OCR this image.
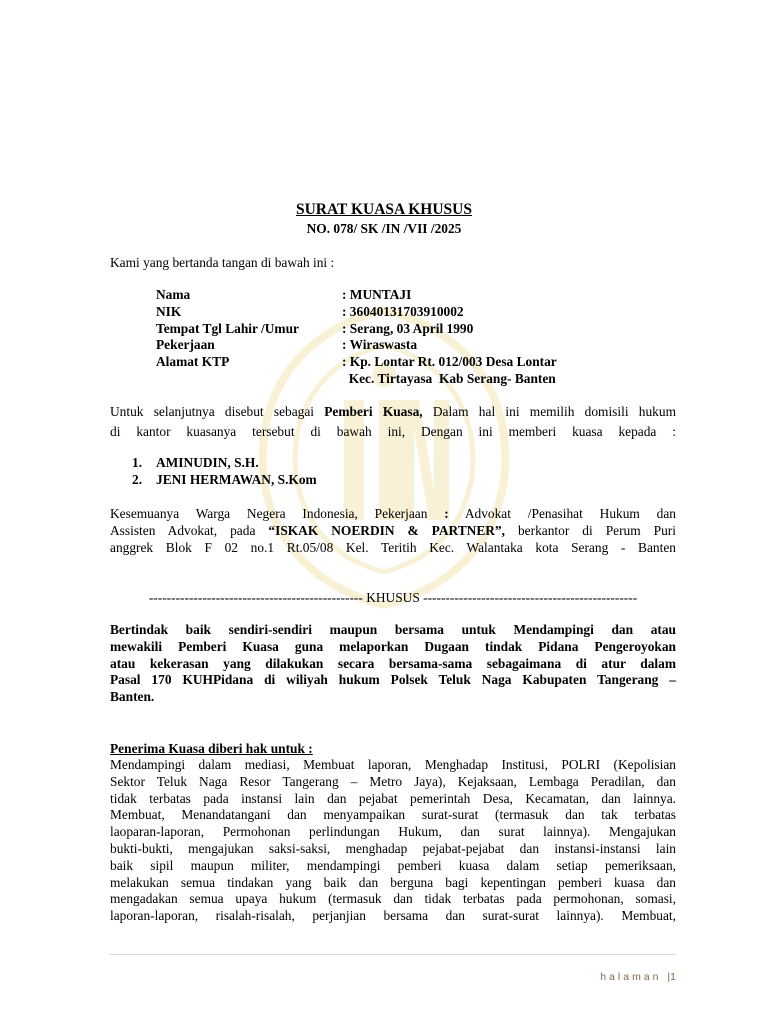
SURAT KUASA KHUSUS
NO. 078/ SK /IN /VII /2025
Kami yang bertanda tangan di bawah ini :
Nama	: MUNTAJI
NIK	: 36040131703910002
Tempat Tgl Lahir /Umur	: Serang, 03 April 1990
Pekerjaan	: Wiraswasta
Alamat KTP	: Kp. Lontar Rt. 012/003 Desa Lontar
Kec. Tirtayasa  Kab Serang- Banten
Untuk selanjutnya disebut sebagai Pemberi Kuasa, Dalam hal ini memilih domisili hukum
di kantor kuasanya tersebut di bawah ini, Dengan ini memberi kuasa kepada :
1. AMINUDIN, S.H.
2. JENI HERMAWAN, S.Kom
Kesemuanya Warga Negera Indonesia, Pekerjaan : Advokat /Penasihat Hukum dan
Assisten Advokat, pada “ISKAK NOERDIN & PARTNER”, berkantor di Perum Puri
anggrek Blok F 02 no.1 Rt.05/08 Kel. Teritih Kec. Walantaka kota Serang - Banten
------------------------------------------------ KHUSUS ------------------------------------------------
Bertindak baik sendiri-sendiri maupun bersama untuk Mendampingi dan atau
mewakili Pemberi Kuasa guna melaporkan Dugaan tindak Pidana Pengeroyokan
atau kekerasan yang dilakukan secara bersama-sama sebagaimana di atur dalam
Pasal 170 KUHPidana di wiliyah hukum Polsek Teluk Naga Kabupaten Tangerang –
Banten.
Penerima Kuasa diberi hak untuk :
Mendampingi dalam mediasi, Membuat laporan, Menghadap Institusi, POLRI (Kepolisian
Sektor Teluk Naga Resor Tangerang – Metro Jaya), Kejaksaan, Lembaga Peradilan, dan
tidak terbatas pada instansi lain dan pejabat pemerintah Desa, Kecamatan, dan lainnya.
Membuat, Menandatangani dan menyampaikan surat-surat (termasuk dan tak terbatas
laoparan-laporan, Permohonan perlindungan Hukum, dan surat lainnya). Mengajukan
bukti-bukti, mengajukan saksi-saksi, menghadap pejabat-pejabat dan instansi-instansi lain
baik sipil maupun militer, mendampingi pemberi kuasa dalam setiap pemeriksaan,
melakukan semua tindakan yang baik dan berguna bagi kepentingan pemberi kuasa dan
mengadakan semua upaya hukum (termasuk dan tidak terbatas pada permohonan, somasi,
laporan-laporan, risalah-risalah, perjanjian bersama dan surat-surat lainnya). Membuat,
halaman |1
